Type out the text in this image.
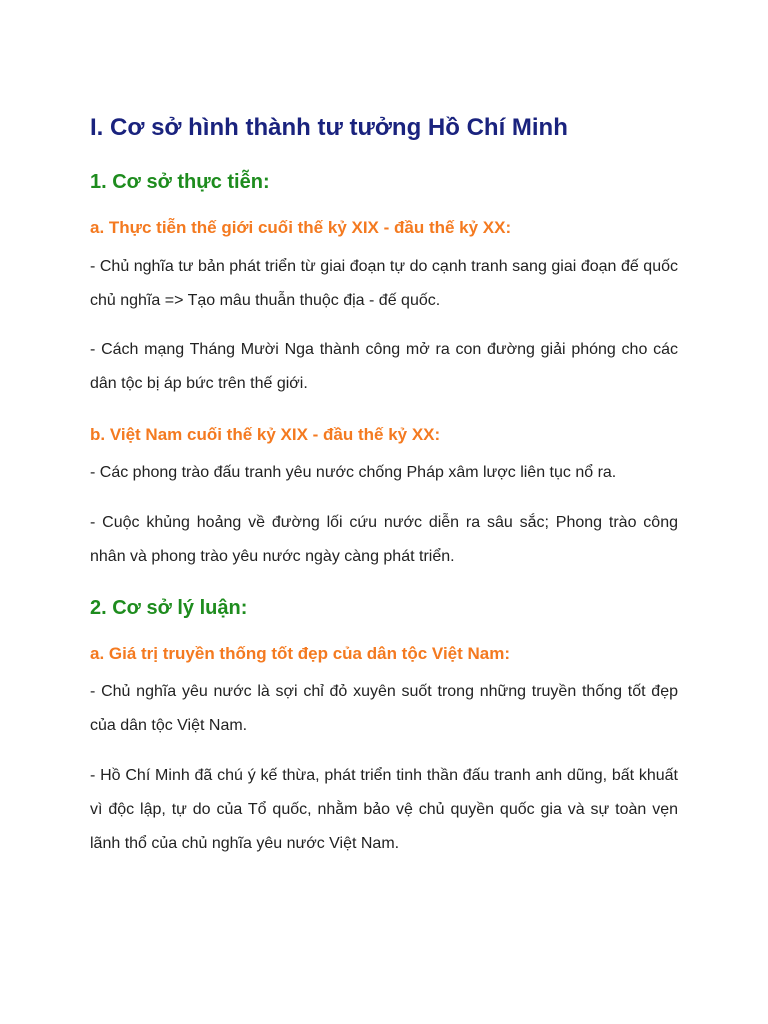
I. Cơ sở hình thành tư tưởng Hồ Chí Minh
1. Cơ sở thực tiễn:
a. Thực tiễn thế giới cuối thế kỷ XIX - đầu thế kỷ XX:
- Chủ nghĩa tư bản phát triển từ giai đoạn tự do cạnh tranh sang giai đoạn đế quốc chủ nghĩa => Tạo mâu thuẫn thuộc địa - đế quốc.
- Cách mạng Tháng Mười Nga thành công mở ra con đường giải phóng cho các dân tộc bị áp bức trên thế giới.
b. Việt Nam cuối thế kỷ XIX - đầu thế kỷ XX:
- Các phong trào đấu tranh yêu nước chống Pháp xâm lược liên tục nổ ra.
- Cuộc khủng hoảng về đường lối cứu nước diễn ra sâu sắc; Phong trào công nhân và phong trào yêu nước ngày càng phát triển.
2. Cơ sở lý luận:
a. Giá trị truyền thống tốt đẹp của dân tộc Việt Nam:
- Chủ nghĩa yêu nước là sợi chỉ đỏ xuyên suốt trong những truyền thống tốt đẹp của dân tộc Việt Nam.
- Hồ Chí Minh đã chú ý kế thừa, phát triển tinh thần đấu tranh anh dũng, bất khuất vì độc lập, tự do của Tổ quốc, nhằm bảo vệ chủ quyền quốc gia và sự toàn vẹn lãnh thổ của chủ nghĩa yêu nước Việt Nam.
